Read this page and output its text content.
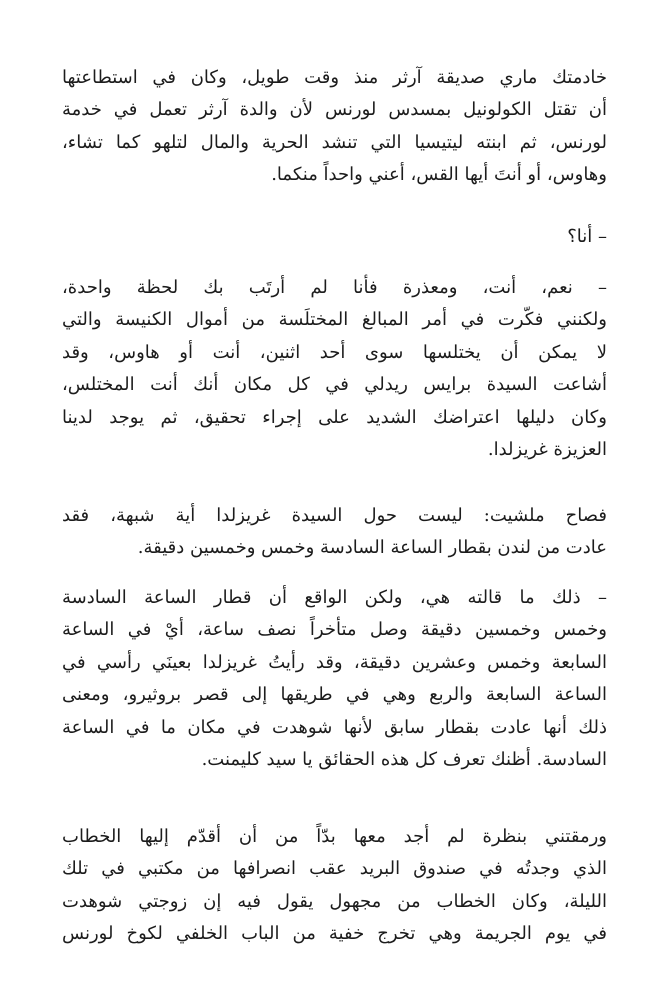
خادمتك ماري صديقة آرثر منذ وقت طويل، وكان في استطاعتها
أن تقتل الكولونيل بمسدس لورنس لأن والدة آرثر تعمل في خدمة
لورنس، ثم ابنته ليتيسيا التي تنشد الحرية والمال لتلهو كما تشاء،
وهاوس، أو أنتَ أيها القس، أعني واحداً منكما.
– أنا؟
– نعم، أنت، ومعذرة فأنا لم أرتَب بك لحظة واحدة،
ولكنني فكّرت في أمر المبالغ المختلَسة من أموال الكنيسة والتي
لا يمكن أن يختلسها سوى أحد اثنين، أنت أو هاوس، وقد
أشاعت السيدة برايس ريدلي في كل مكان أنك أنت المختلس،
وكان دليلها اعتراضك الشديد على إجراء تحقيق، ثم يوجد لدينا
العزيزة غريزلدا.
فصاح ملشيت: ليست حول السيدة غريزلدا أية شبهة، فقد
عادت من لندن بقطار الساعة السادسة وخمس وخمسين دقيقة.
– ذلك ما قالته هي، ولكن الواقع أن قطار الساعة السادسة
وخمس وخمسين دقيقة وصل متأخراً نصف ساعة، أيْ في الساعة
السابعة وخمس وعشرين دقيقة، وقد رأيتُ غريزلدا بعينَي رأسي في
الساعة السابعة والربع وهي في طريقها إلى قصر بروثيرو، ومعنى
ذلك أنها عادت بقطار سابق لأنها شوهدت في مكان ما في الساعة
السادسة. أظنك تعرف كل هذه الحقائق يا سيد كليمنت.
ورمقتني بنظرة لم أجد معها بدّاً من أن أقدّم إليها الخطاب
الذي وجدتُه في صندوق البريد عقب انصرافها من مكتبي في تلك
الليلة، وكان الخطاب من مجهول يقول فيه إن زوجتي شوهدت
في يوم الجريمة وهي تخرج خفية من الباب الخلفي لكوخ لورنس
